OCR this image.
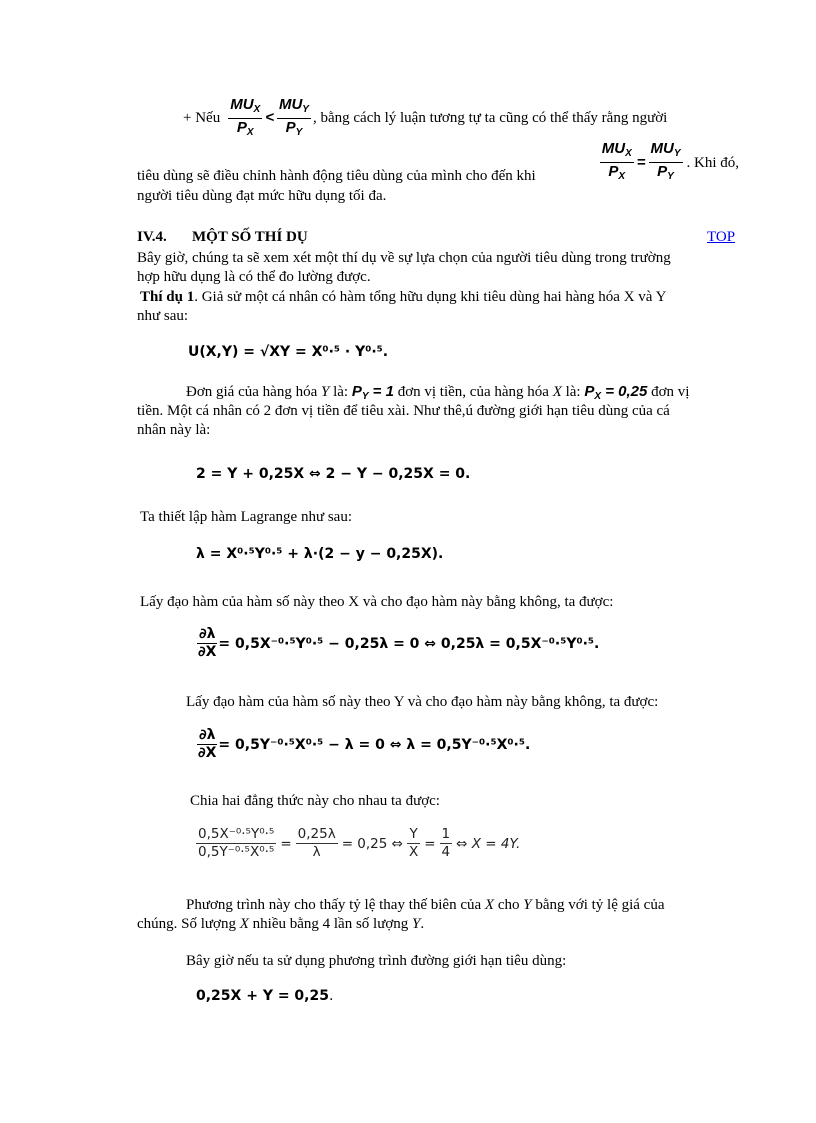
+ Nếu $\frac{MU_X}{P_X} < \frac{MU_Y}{P_Y}$ , bằng cách lý luận tương tự ta cũng có thể thấy rằng người
tiêu dùng sẽ điều chỉnh hành động tiêu dùng của mình cho đến khi	$\frac{MU_X}{P_X} = \frac{MU_Y}{P_Y}$ . Khi đó,
người tiêu dùng đạt mức hữu dụng tối đa.
IV.4. MỘT SỐ THÍ DỤ	TOP
Bây giờ, chúng ta sẽ xem xét một thí dụ về sự lựa chọn của người tiêu dùng trong trường
hợp hữu dụng là có thể đo lường được.
Thí dụ 1. Giả sử một cá nhân có hàm tổng hữu dụng khi tiêu dùng hai hàng hóa X và Y
như sau:
U(X,Y) = √XY = X⁰·⁵ · Y⁰·⁵.
Đơn giá của hàng hóa Y là: $P_Y = 1$ đơn vị tiền, của hàng hóa X là: $P_X = 0,25$ đơn vị
tiền. Một cá nhân có 2 đơn vị tiền để tiêu xài. Như thê,ú đường giới hạn tiêu dùng của cá
nhân này là:
2 = Y + 0,25X ⇔ 2 − Y − 0,25X = 0.
Ta thiết lập hàm Lagrange như sau:
λ = X⁰·⁵Y⁰·⁵ + λ·(2 − y − 0,25X).
Lấy đạo hàm của hàm số này theo X và cho đạo hàm này bằng không, ta được:
$\frac{\partial\lambda}{\partial X} = 0,5X^{-0}\cdot^5Y^0\cdot^5 - 0,25\lambda = 0$ ⇔ 0,25λ = 0,5X⁻⁰·⁵Y⁰·⁵.
Lấy đạo hàm của hàm số này theo Y và cho đạo hàm này bằng không, ta được:
$\frac{\partial\lambda}{\partial X} = 0,5Y^{-0}\cdot^5X^0\cdot^5 - \lambda = 0$ ⇔ λ = 0,5Y⁻⁰·⁵X⁰·⁵.
Chia hai đẳng thức này cho nhau ta được:
$\frac{\text{0,5X⁻⁰·⁵Y⁰·⁵}}{\text{0,5Y⁻⁰·⁵X⁰·⁵}} = \frac{0,25\lambda}{\lambda} = 0,25$ ⇔ $\frac{Y}{X} = \frac{1}{4}$ ⇔ X = 4Y.
Phương trình này cho thấy tỷ lệ thay thế biên của X cho Y bằng với tỷ lệ giá của
chúng. Số lượng X nhiều bằng 4 lần số lượng Y.
Bây giờ nếu ta sử dụng phương trình đường giới hạn tiêu dùng:
0,25X + Y = 0,25.
